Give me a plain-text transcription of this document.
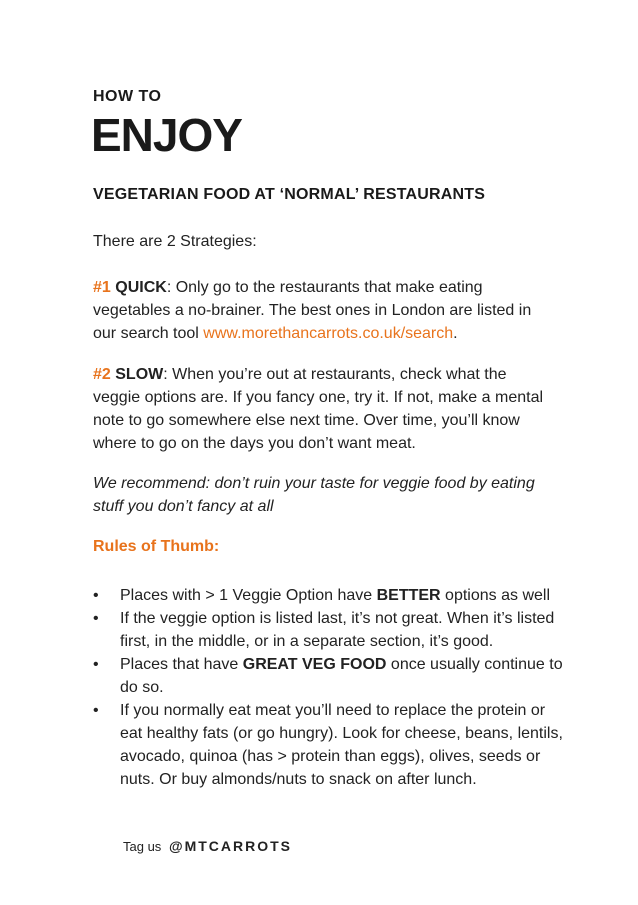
HOW TO
ENJOY
VEGETARIAN FOOD AT ‘NORMAL’ RESTAURANTS

There are 2 Strategies:

#1 QUICK: Only go to the restaurants that make eating vegetables a no-brainer. The best ones in London are listed in our search tool www.morethancarrots.co.uk/search.

#2 SLOW: When you’re out at restaurants, check what the veggie options are. If you fancy one, try it. If not, make a mental note to go somewhere else next time. Over time, you’ll know where to go on the days you don’t want meat.

We recommend: don’t ruin your taste for veggie food by eating stuff you don’t fancy at all

Rules of Thumb:
• Places with > 1 Veggie Option have BETTER options as well
• If the veggie option is listed last, it’s not great. When it’s listed first, in the middle, or in a separate section, it’s good.
• Places that have GREAT VEG FOOD once usually continue to do so.
• If you normally eat meat you’ll need to replace the protein or eat healthy fats (or go hungry). Look for cheese, beans, lentils, avocado, quinoa (has > protein than eggs), olives, seeds or nuts. Or buy almonds/nuts to snack on after lunch.
Tag us @MTCARROTS
